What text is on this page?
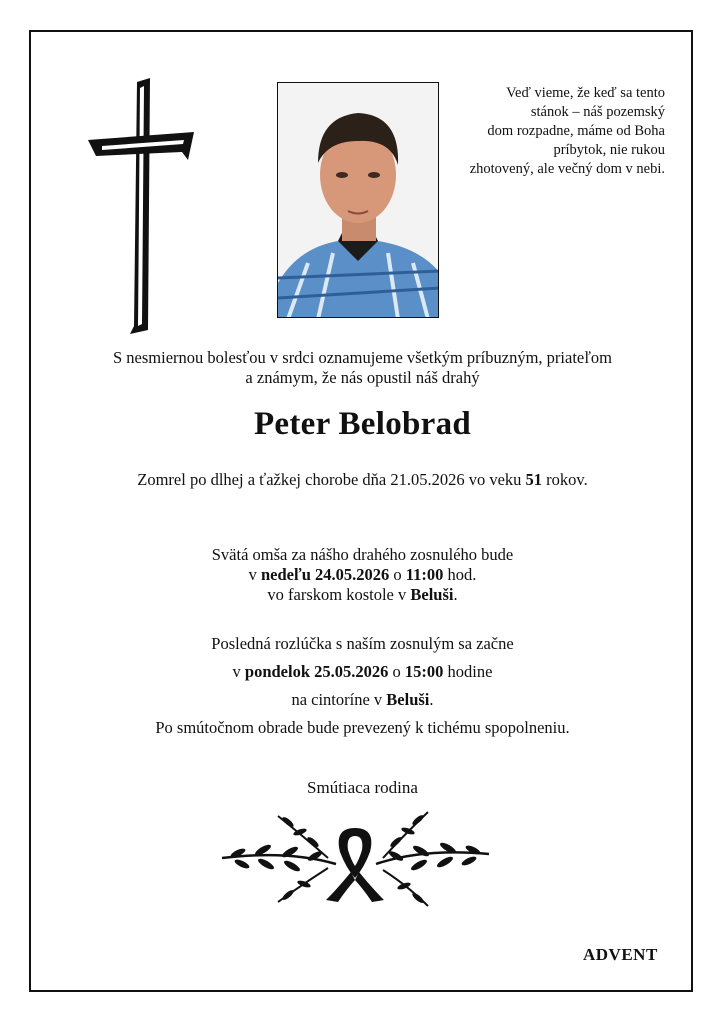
Veď vieme, že keď sa tento
stánok – náš pozemský
dom rozpadne, máme od Boha
príbytok, nie rukou
zhotovený, ale večný dom v nebi.
S nesmiernou bolesťou v srdci oznamujeme všetkým príbuzným, priateľom
a známym, že nás opustil náš drahý
Peter Belobrad
Zomrel po dlhej a ťažkej chorobe dňa 21.05.2026 vo veku 51 rokov.
Svätá omša za nášho drahého zosnulého bude
v nedeľu 24.05.2026 o 11:00 hod.
vo farskom kostole v Beluši.
Posledná rozlúčka s naším zosnulým sa začne
v pondelok 25.05.2026 o 15:00 hodine
na cintoríne v Beluši.
Po smútočnom obrade bude prevezený k tichému spopolneniu.
Smútiaca rodina
ADVENT
